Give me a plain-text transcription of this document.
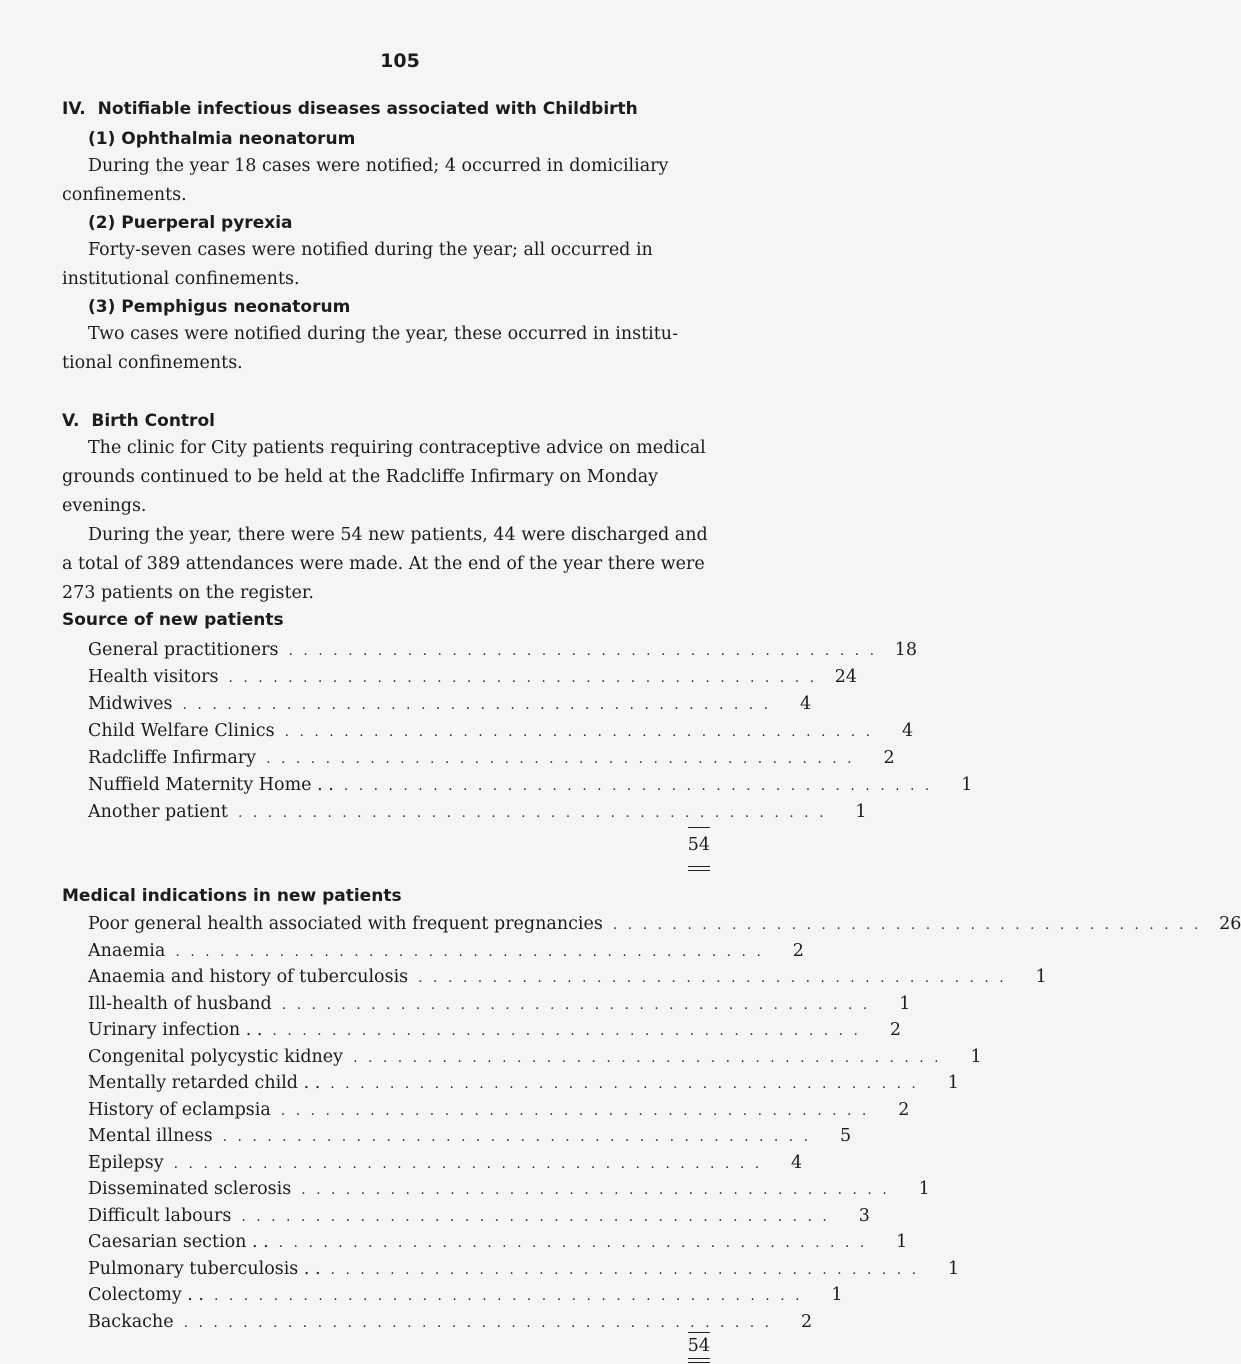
105
IV. Notifiable infectious diseases associated with Childbirth
(1) Ophthalmia neonatorum
During the year 18 cases were notified; 4 occurred in domiciliary
confinements.
(2) Puerperal pyrexia
Forty-seven cases were notified during the year; all occurred in
institutional confinements.
(3) Pemphigus neonatorum
Two cases were notified during the year, these occurred in institu-
tional confinements.
V. Birth Control
The clinic for City patients requiring contraceptive advice on medical
grounds continued to be held at the Radcliffe Infirmary on Monday
evenings.
During the year, there were 54 new patients, 44 were discharged and
a total of 389 attendances were made. At the end of the year there were
273 patients on the register.
Source of new patients
General practitioners . . . . . . . . . . . . . . . . . . . . . . . . . . . . . . . . . . . . . . . .	18
Health visitors . . . . . . . . . . . . . . . . . . . . . . . . . . . . . . . . . . . . . . . .	24
Midwives . . . . . . . . . . . . . . . . . . . . . . . . . . . . . . . . . . . . . . . .	4
Child Welfare Clinics . . . . . . . . . . . . . . . . . . . . . . . . . . . . . . . . . . . . . . . .	4
Radcliffe Infirmary . . . . . . . . . . . . . . . . . . . . . . . . . . . . . . . . . . . . . . . .	2
Nuffield Maternity Home . . . . . . . . . . . . . . . . . . . . . . . . . . . . . . . . . . . . . . . . . .	1
Another patient . . . . . . . . . . . . . . . . . . . . . . . . . . . . . . . . . . . . . . . .	1
54
Medical indications in new patients
Poor general health associated with frequent pregnancies . . . . . . . . . . . . . . . . . . . . . . . . . . . . . . . . . . . . . . . .	26
Anaemia . . . . . . . . . . . . . . . . . . . . . . . . . . . . . . . . . . . . . . . .	2
Anaemia and history of tuberculosis . . . . . . . . . . . . . . . . . . . . . . . . . . . . . . . . . . . . . . . .	1
Ill-health of husband . . . . . . . . . . . . . . . . . . . . . . . . . . . . . . . . . . . . . . . .	1
Urinary infection . . . . . . . . . . . . . . . . . . . . . . . . . . . . . . . . . . . . . . . . . .	2
Congenital polycystic kidney . . . . . . . . . . . . . . . . . . . . . . . . . . . . . . . . . . . . . . . .	1
Mentally retarded child . . . . . . . . . . . . . . . . . . . . . . . . . . . . . . . . . . . . . . . . . .	1
History of eclampsia . . . . . . . . . . . . . . . . . . . . . . . . . . . . . . . . . . . . . . . .	2
Mental illness . . . . . . . . . . . . . . . . . . . . . . . . . . . . . . . . . . . . . . . .	5
Epilepsy . . . . . . . . . . . . . . . . . . . . . . . . . . . . . . . . . . . . . . . .	4
Disseminated sclerosis . . . . . . . . . . . . . . . . . . . . . . . . . . . . . . . . . . . . . . . .	1
Difficult labours . . . . . . . . . . . . . . . . . . . . . . . . . . . . . . . . . . . . . . . .	3
Caesarian section . . . . . . . . . . . . . . . . . . . . . . . . . . . . . . . . . . . . . . . . . .	1
Pulmonary tuberculosis . . . . . . . . . . . . . . . . . . . . . . . . . . . . . . . . . . . . . . . . . .	1
Colectomy . . . . . . . . . . . . . . . . . . . . . . . . . . . . . . . . . . . . . . . . . .	1
Backache . . . . . . . . . . . . . . . . . . . . . . . . . . . . . . . . . . . . . . . .	2
54
